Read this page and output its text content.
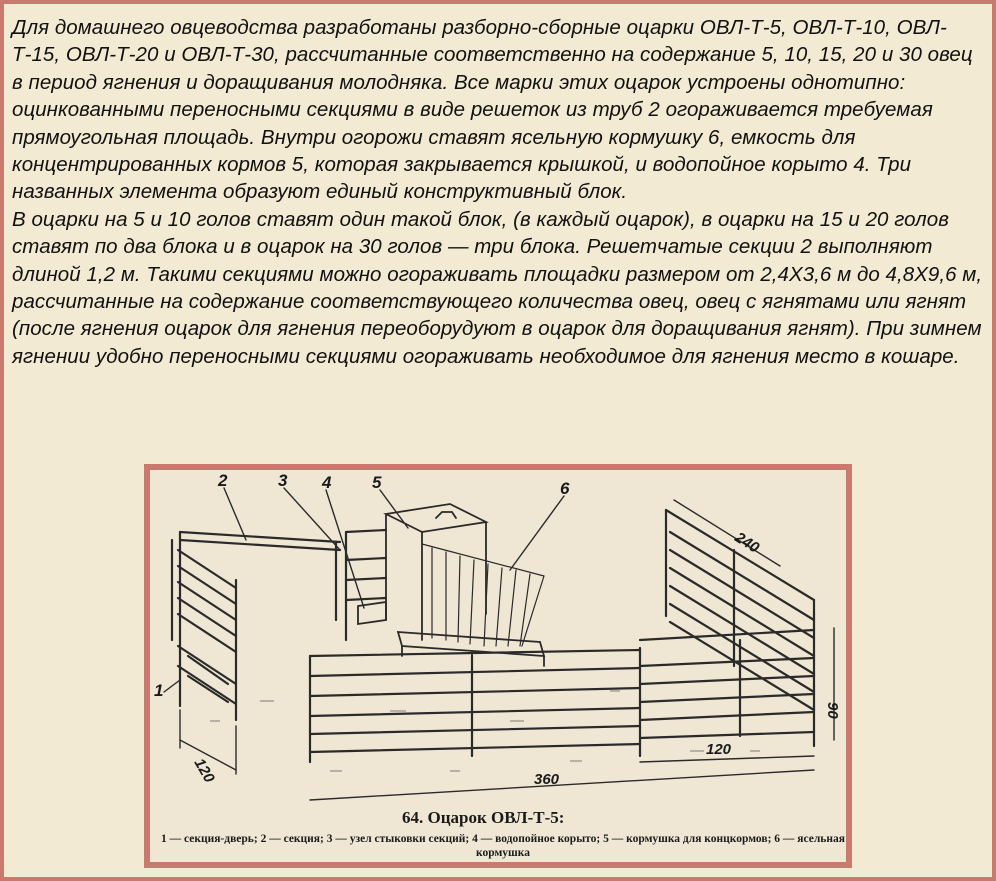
Для домашнего овцеводства разработаны разборно-сборные оцарки ОВЛ-Т-5, ОВЛ-Т-10, ОВЛ-Т-15, ОВЛ-Т-20 и ОВЛ-Т-30, рассчитанные соответственно на содержание 5, 10, 15, 20 и 30 овец в период ягнения и доращивания молодняка. Все марки этих оцарок устроены однотипно: оцинкованными переносными секциями в виде решеток из труб 2 огораживается требуемая прямоугольная площадь. Внутри огорожи ставят ясельную кормушку 6, емкость для концентрированных кормов 5, которая закрывается крышкой, и водопойное корыто 4. Три названных элемента образуют единый конструктивный блок.

В оцарки на 5 и 10 голов ставят один такой блок, (в каждый оцарок), в оцарки на 15 и 20 голов ставят по два блока и в оцарок на 30 голов — три блока. Решетчатые секции 2 выполняют длиной 1,2 м. Такими секциями можно огораживать площадки размером от 2,4X3,6 м до 4,8X9,6 м, рассчитанные на содержание соответствующего количества овец, овец с ягнятами или ягнят (после ягнения оцарок для ягнения переоборудуют в оцарок для доращивания ягнят). При зимнем ягнении удобно переносными секциями огораживать необходимое для ягнения место в кошаре.

2	3 4 5	6
1
120
240
90
120
360
64. Оцарок ОВЛ-Т-5:
1 — секция-дверь; 2 — секция; 3 — узел стыковки секций; 4 — водопойное корыто; 5 — кормушка для концкормов; 6 — ясельная кормушка
